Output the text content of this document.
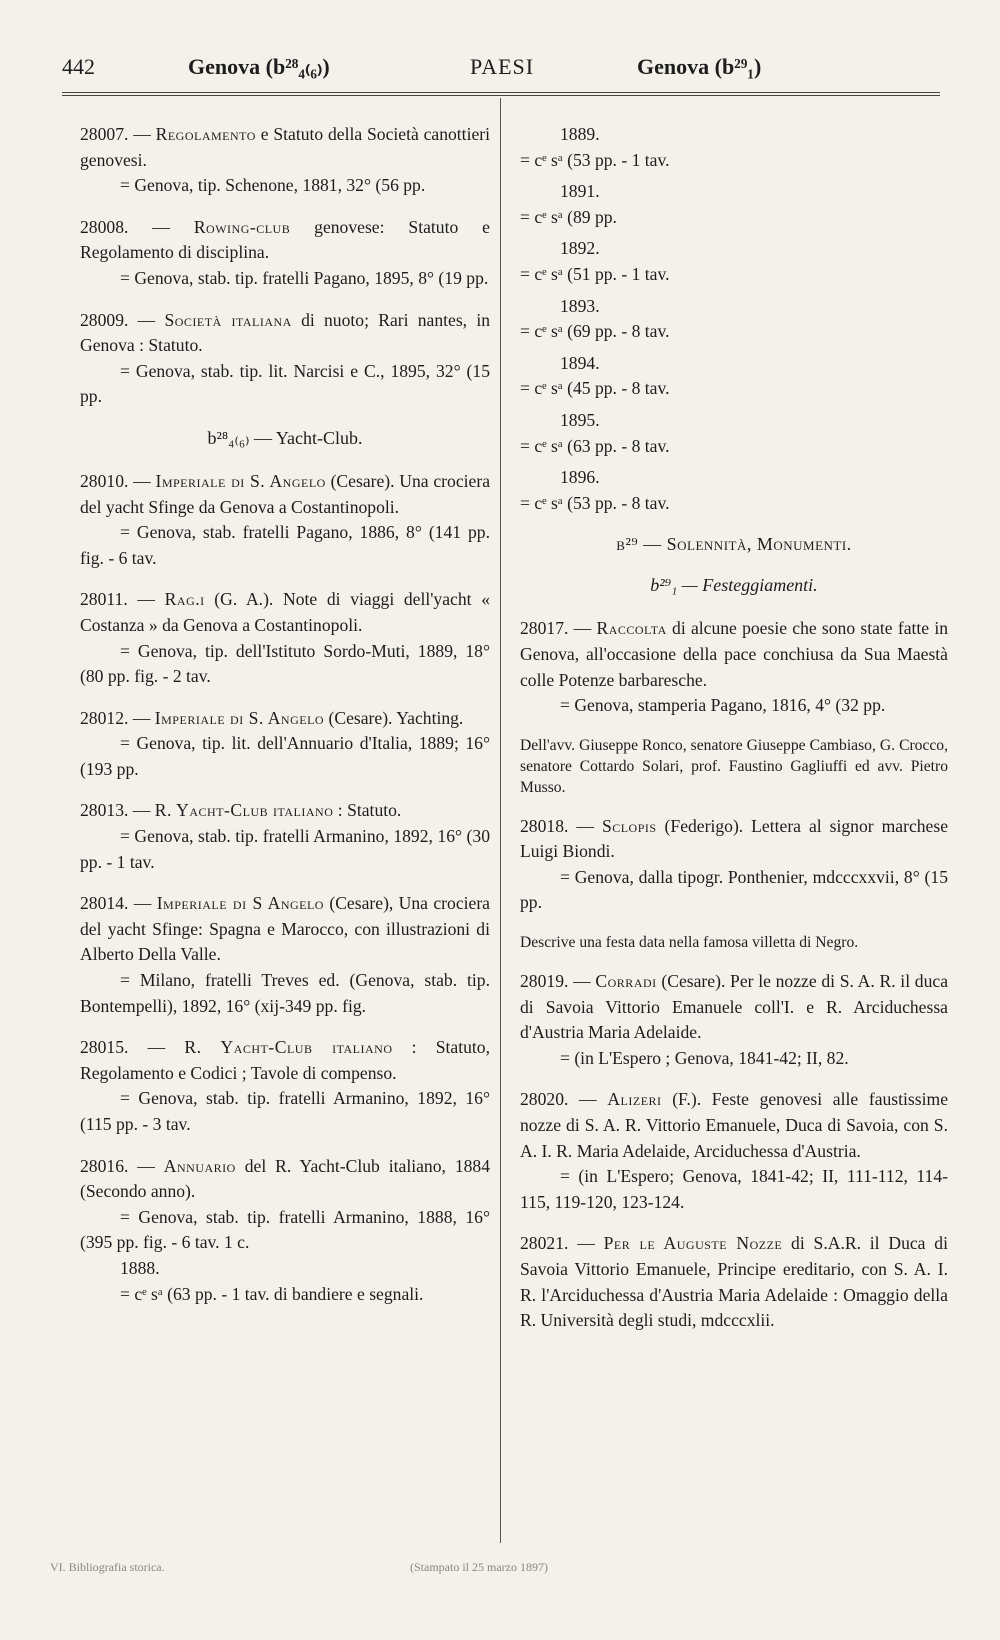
442	Genova (b²⁸₄₍₆₎)	PAESI	Genova (b²⁹₁)

28007. — Regolamento e Statuto della Società canottieri genovesi.

= Genova, tip. Schenone, 1881, 32° (56 pp.

28008. — Rowing-club genovese: Statuto e Regolamento di disciplina.

= Genova, stab. tip. fratelli Pagano, 1895, 8° (19 pp.

28009. — Società italiana di nuoto; Rari nantes, in Genova : Statuto.

= Genova, stab. tip. lit. Narcisi e C., 1895, 32° (15 pp.

b²⁸₄₍₆₎ — Yacht-Club.

28010. — Imperiale di S. Angelo (Cesare). Una crociera del yacht Sfinge da Genova a Costantinopoli.

= Genova, stab. fratelli Pagano, 1886, 8° (141 pp. fig. - 6 tav.

28011. — Rag.i (G. A.). Note di viaggi dell'yacht « Costanza » da Genova a Costantinopoli.

= Genova, tip. dell'Istituto Sordo-Muti, 1889, 18° (80 pp. fig. - 2 tav.

28012. — Imperiale di S. Angelo (Cesare). Yachting.

= Genova, tip. lit. dell'Annuario d'Italia, 1889; 16° (193 pp.

28013. — R. Yacht-Club italiano : Statuto.

= Genova, stab. tip. fratelli Armanino, 1892, 16° (30 pp. - 1 tav.

28014. — Imperiale di S Angelo (Cesare), Una crociera del yacht Sfinge: Spagna e Marocco, con illustrazioni di Alberto Della Valle.

= Milano, fratelli Treves ed. (Genova, stab. tip. Bontempelli), 1892, 16° (xij-349 pp. fig.

28015. — R. Yacht-Club italiano : Statuto, Regolamento e Codici ; Tavole di compenso.

= Genova, stab. tip. fratelli Armanino, 1892, 16° (115 pp. - 3 tav.

28016. — Annuario del R. Yacht-Club italiano, 1884 (Secondo anno).

= Genova, stab. tip. fratelli Armanino, 1888, 16° (395 pp. fig. - 6 tav. 1 c.

1888.

= cᵉ sᵃ (63 pp. - 1 tav. di bandiere e segnali.

1889.

= cᵉ sᵃ (53 pp. - 1 tav.

1891.

= cᵉ sᵃ (89 pp.

1892.

= cᵉ sᵃ (51 pp. - 1 tav.

1893.

= cᵉ sᵃ (69 pp. - 8 tav.

1894.

= cᵉ sᵃ (45 pp. - 8 tav.

1895.

= cᵉ sᵃ (63 pp. - 8 tav.

1896.

= cᵉ sᵃ (53 pp. - 8 tav.

b²⁹ — Solennità, Monumenti.
b²⁹₁ — Festeggiamenti.

28017. — Raccolta di alcune poesie che sono state fatte in Genova, all'occasione della pace conchiusa da Sua Maestà colle Potenze barbaresche.

= Genova, stamperia Pagano, 1816, 4° (32 pp.

Dell'avv. Giuseppe Ronco, senatore Giuseppe Cambiaso, G. Crocco, senatore Cottardo Solari, prof. Faustino Gagliuffi ed avv. Pietro Musso.

28018. — Sclopis (Federigo). Lettera al signor marchese Luigi Biondi.

= Genova, dalla tipogr. Ponthenier, mdcccxxvii, 8° (15 pp.

Descrive una festa data nella famosa villetta di Negro.

28019. — Corradi (Cesare). Per le nozze di S. A. R. il duca di Savoia Vittorio Emanuele coll'I. e R. Arciduchessa d'Austria Maria Adelaide.

= (in L'Espero ; Genova, 1841-42; II, 82.

28020. — Alizeri (F.). Feste genovesi alle faustissime nozze di S. A. R. Vittorio Emanuele, Duca di Savoia, con S. A. I. R. Maria Adelaide, Arciduchessa d'Austria.

= (in L'Espero; Genova, 1841-42; II, 111-112, 114-115, 119-120, 123-124.

28021. — Per le Auguste Nozze di S.A.R. il Duca di Savoia Vittorio Emanuele, Principe ereditario, con S. A. I. R. l'Arciduchessa d'Austria Maria Adelaide : Omaggio della R. Università degli studi, mdcccxlii.

VI. Bibliografia storica.	(Stampato il 25 marzo 1897)
